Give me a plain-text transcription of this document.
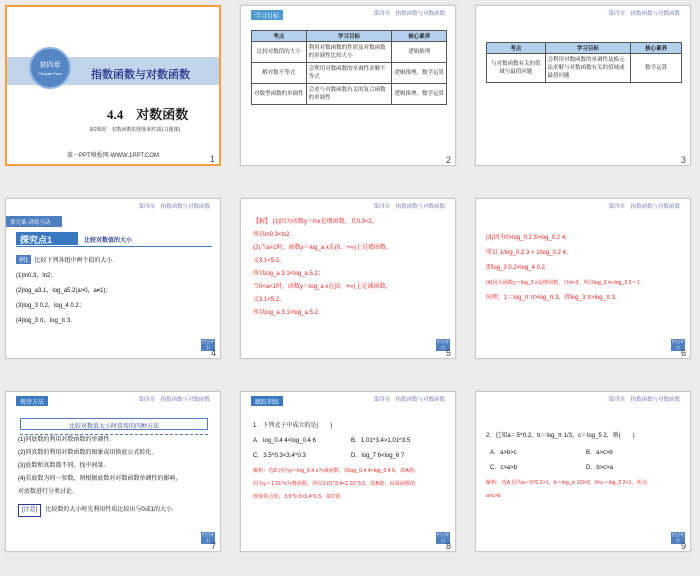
第四章
Chapter Four	指数函数与对数函数
4.4　对数函数
第2课时　对数函数的图象和性质(习题课)
第一PPT模板网-WWW.1PPT.COM	1
学习目标	第四章　指数函数与对数函数
考点	学习目标	核心素养
比较对数值的大小	利用对数函数的性质及对数函数的单调性比较大小	逻辑推理
解对数不等式	会利用对数函数的单调性求解不等式	逻辑推理、数学运算
对数型函数的单调性	会求与对数函数有关的复合函数的单调性	逻辑推理、数学运算
2
第四章　指数函数与对数函数
考点	学习目标	核心素养
与对数函数有关的值域与最值问题	会利用对数函数的单调性及换元法求解与对数函数有关的值域或最值问题	数学运算
3
探究案·讲练互动
第四章　指数函数与对数函数
探究点1	比较对数值的大小
例1 比较下列各组中两个值的大小.
(1)ln0.3，ln2；
(2)log_a3.1，log_a5.2(a>0，a≠1)；
(3)log_3 0.2，log_4 0.2；
(4)log_3 π，log_π 3.
栏目导引
4
第四章　指数函数与对数函数
【解】 (1)因为函数y＝lnx是增函数，且0.3<2，
所以ln0.3<ln2.
(2)当a>1时，函数y＝log_a x在(0，+∞)上是增函数，
又3.1<5.2，
所以log_a 3.1<log_a 5.2；
当0<a<1时，函数y＝log_a x在(0，+∞)上是减函数，
又3.1<5.2，
所以log_a 3.1>log_a 5.2.
栏目导引
5
第四章　指数函数与对数函数
(3)因为0>log_0.2 3>log_0.2 4，
所以 1/log_0.2 3 < 1/log_0.2 4，
即log_3 0.2<log_4 0.2.
(4)因为函数y＝log_3 x是增函数，且π>3，所以log_3 π>log_3 3＝1.
同理，1＝log_π π>log_π 3，即log_3 π>log_π 3.
栏目导引
6
规律方法	第四章　指数函数与对数函数
比较对数值大小时常用的四种方法
(1)同底数的利用对数函数的单调性.
(2)同真数的利用对数函数的图象或用换底公式转化.
(3)底数和真数都不同，找中间量.
(4)若底数为同一参数，则根据底数对对数函数单调性的影响，
对底数进行分类讨论.
[注意] 比较数的大小时先利用性质比较出与0或1的大小.
栏目导引
7
跟踪训练	第四章　指数函数与对数函数
1．下列式子中成立的是(　　)
A．log_0.4 4<log_0.4 6	B．1.01^3.4>1.01^3.5
C．3.5^0.3<3.4^0.3	D．log_7 6<log_6 7
解析：选D.因为y＝log_0.4 x为减函数，故log_0.4 4>log_0.4 6，故A错；
因为y＝1.01^x为增函数，所以1.01^3.4<1.01^3.5，故B错；由幂函数的
图象特点知，3.5^0.3>3.4^0.3，故C错.
栏目导引
8
第四章　指数函数与对数函数
2．已知a＝5^0.2，b＝log_π 1/3，c＝log_5 2，则(　　)
A．a>b>c	B．a>c>b
C．c>a>b	D．b>c>a
解析：选A.因为a＝5^0.2>1，b＝log_π 1/3<0，0<c＝log_5 2<1，所以
a>c>b.
栏目导引
9
